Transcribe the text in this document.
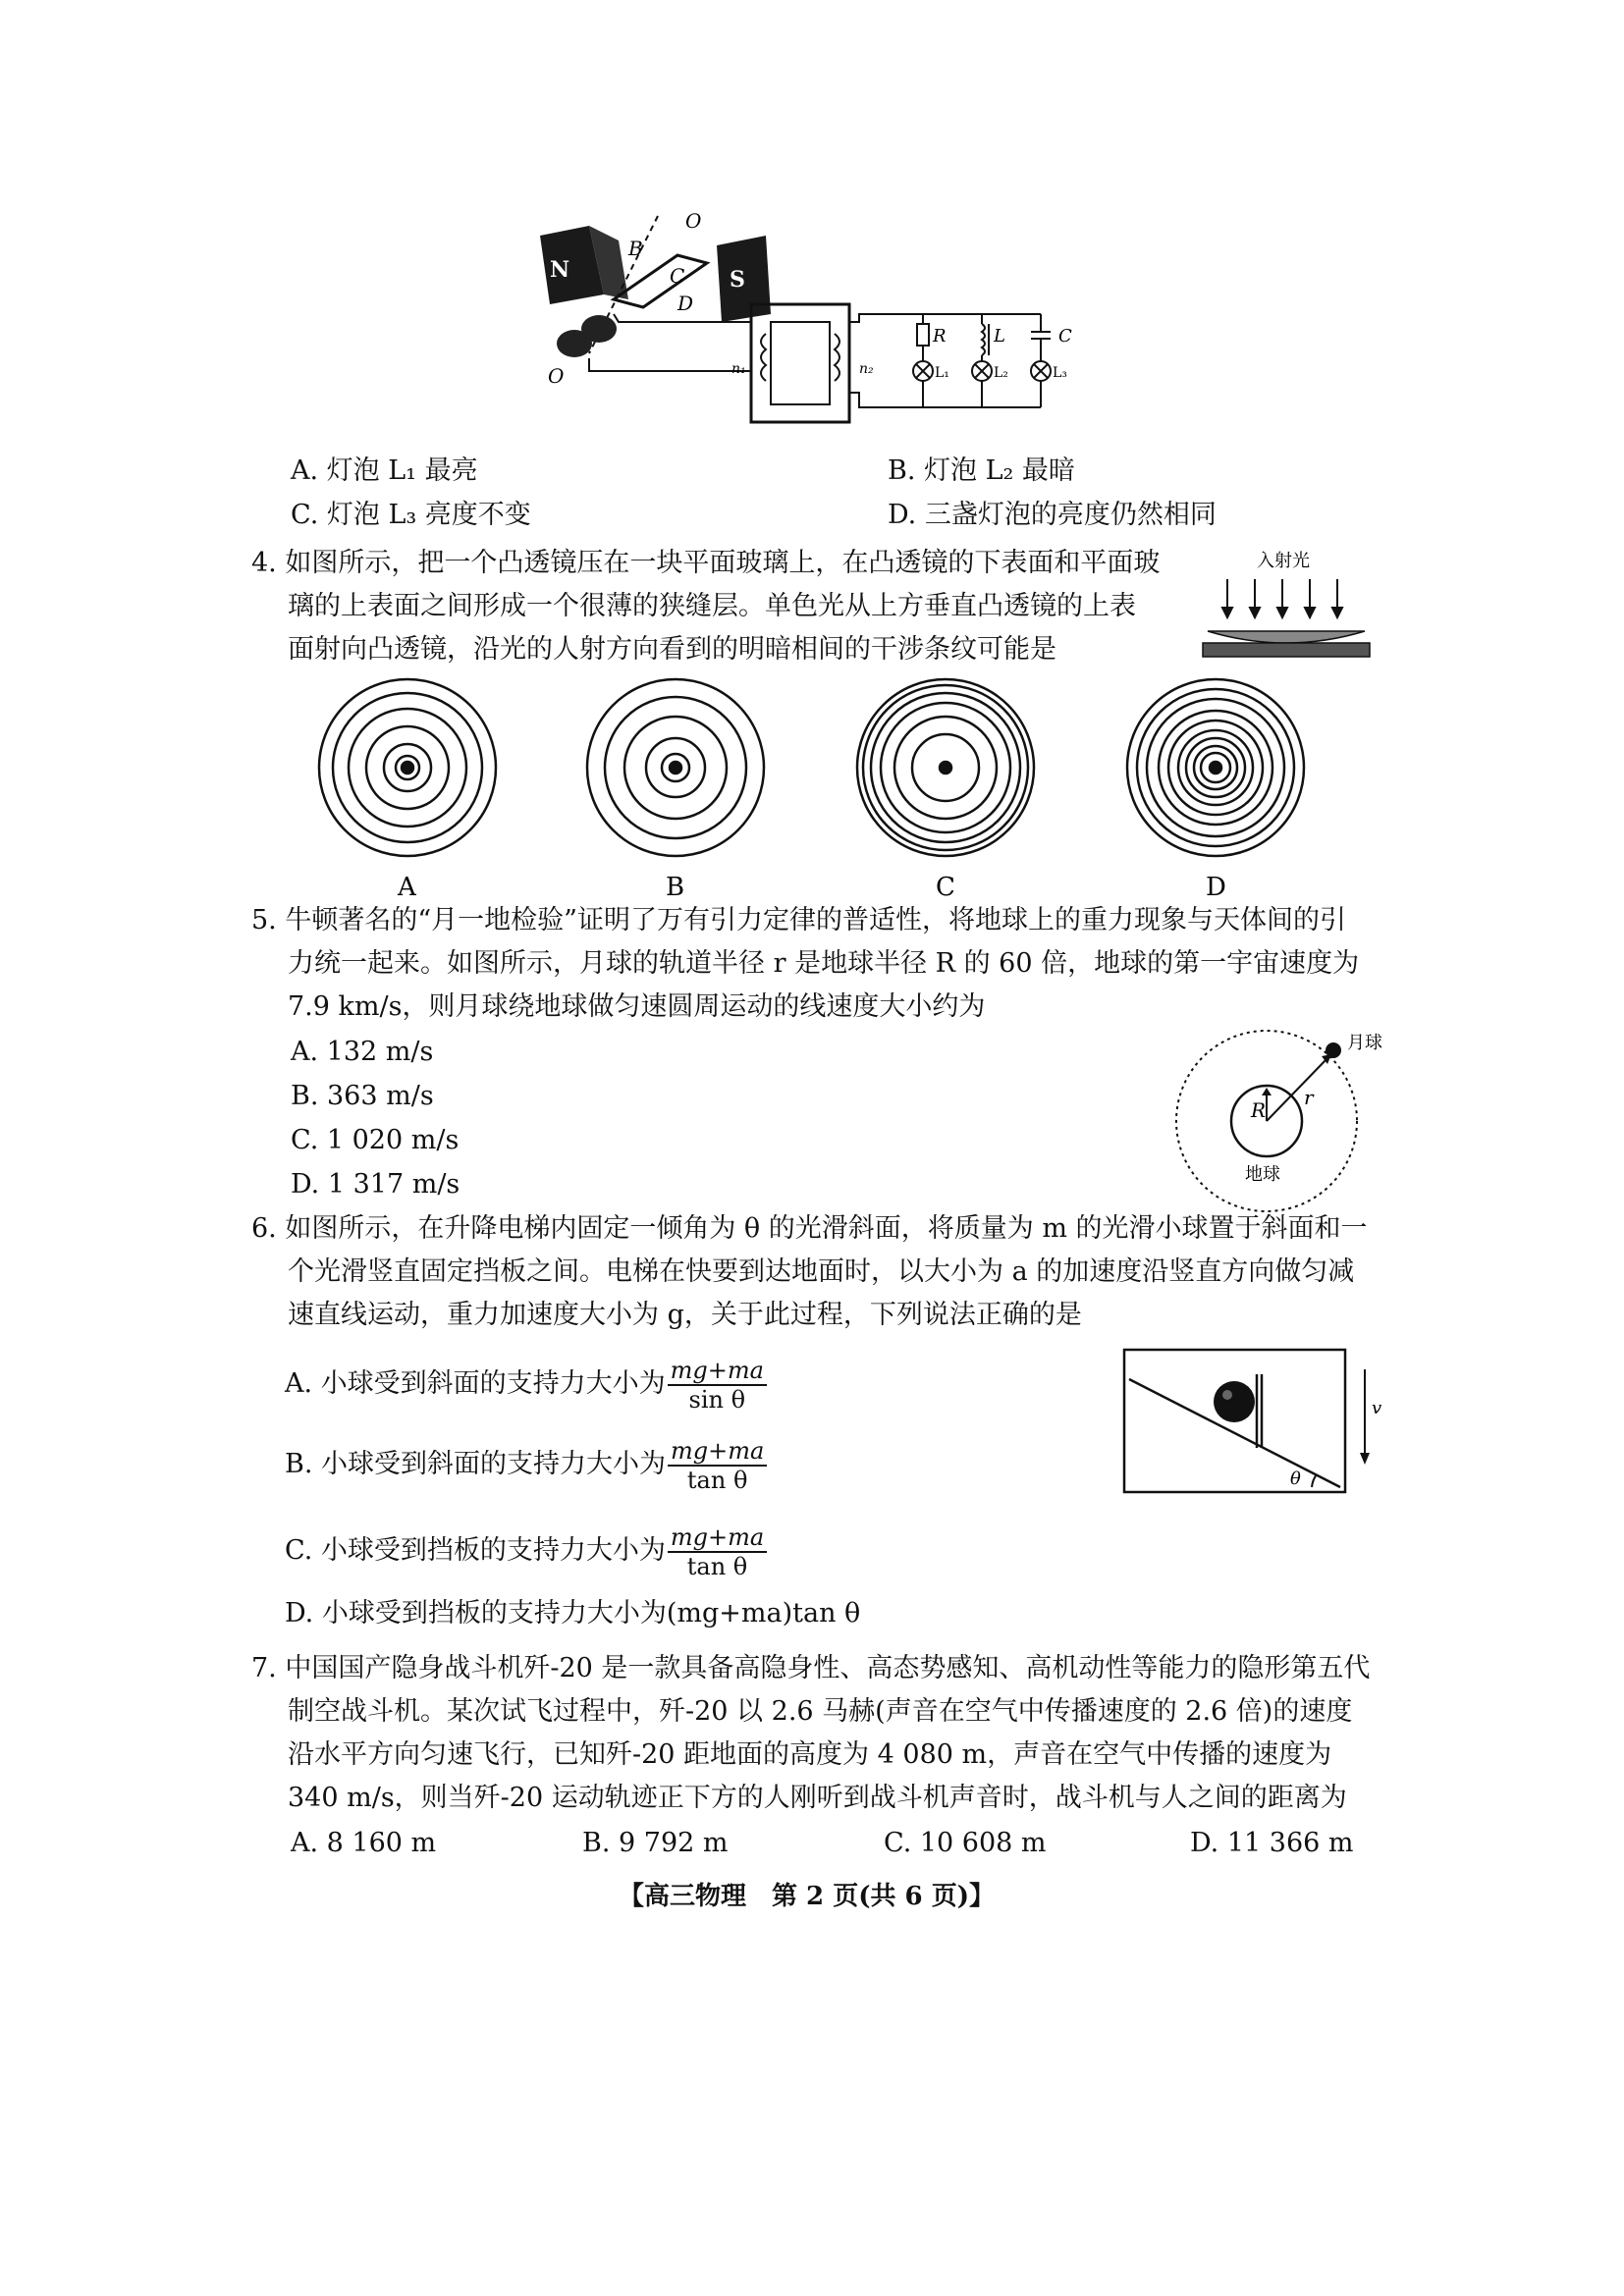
N	S
O
B
C
D
O	n₁	n₂
R
L₁
L
L₂
C
L₃
A. 灯泡 L₁ 最亮	B. 灯泡 L₂ 最暗
C. 灯泡 L₃ 亮度不变	D. 三盏灯泡的亮度仍然相同
4. 如图所示，把一个凸透镜压在一块平面玻璃上，在凸透镜的下表面和平面玻
璃的上表面之间形成一个很薄的狭缝层。单色光从上方垂直凸透镜的上表
面射向凸透镜，沿光的人射方向看到的明暗相间的干涉条纹可能是
入射光
A	B	C	D
5. 牛顿著名的“月一地检验”证明了万有引力定律的普适性，将地球上的重力现象与天体间的引
力统一起来。如图所示，月球的轨道半径 r 是地球半径 R 的 60 倍，地球的第一宇宙速度为
7.9 km/s，则月球绕地球做匀速圆周运动的线速度大小约为
A. 132 m/s
B. 363 m/s
C. 1 020 m/s
D. 1 317 m/s
R
r
月球
地球
6. 如图所示，在升降电梯内固定一倾角为 θ 的光滑斜面，将质量为 m 的光滑小球置于斜面和一
个光滑竖直固定挡板之间。电梯在快要到达地面时，以大小为 a 的加速度沿竖直方向做匀减
速直线运动，重力加速度大小为 g，关于此过程，下列说法正确的是
A. 小球受到斜面的支持力大小为 $\frac{mg+ma}{\text{sin θ}}$
B. 小球受到斜面的支持力大小为 $\frac{mg+ma}{\text{tan θ}}$
C. 小球受到挡板的支持力大小为 $\frac{mg+ma}{\text{tan θ}}$
D. 小球受到挡板的支持力大小为(mg+ma)tan θ
θ
v
7. 中国国产隐身战斗机歼-20 是一款具备高隐身性、高态势感知、高机动性等能力的隐形第五代
制空战斗机。某次试飞过程中，歼-20 以 2.6 马赫(声音在空气中传播速度的 2.6 倍)的速度
沿水平方向匀速飞行，已知歼-20 距地面的高度为 4 080 m，声音在空气中传播的速度为
340 m/s，则当歼-20 运动轨迹正下方的人刚听到战斗机声音时，战斗机与人之间的距离为
A. 8 160 m	B. 9 792 m	C. 10 608 m	D. 11 366 m
【高三物理　第 2 页(共 6 页)】
